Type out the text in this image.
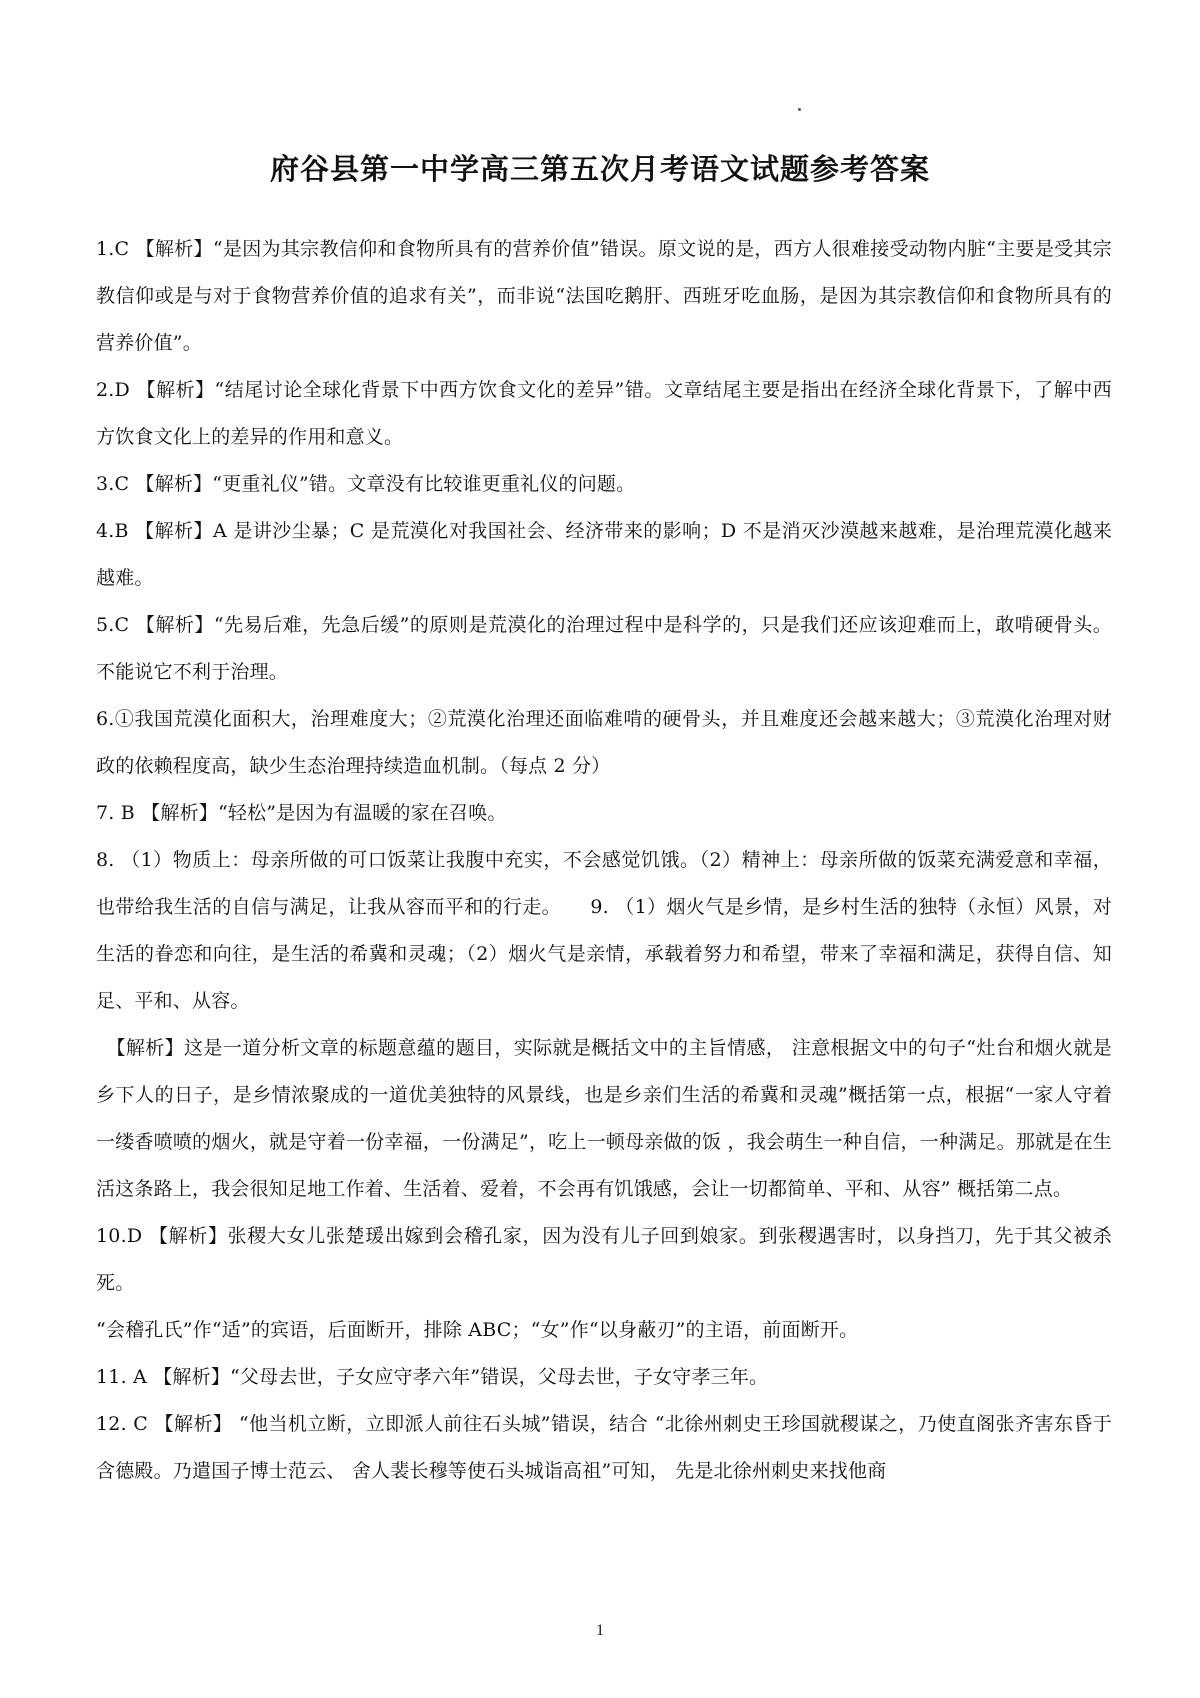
府谷县第一中学高三第五次月考语文试题参考答案

1.C 【解析】“是因为其宗教信仰和食物所具有的营养价值”错误。原文说的是，西方人很难接受动物内脏“主要是受其宗教信仰或是与对于食物营养价值的追求有关”，而非说“法国吃鹅肝、西班牙吃血肠，是因为其宗教信仰和食物所具有的营养价值”。

2.D 【解析】“结尾讨论全球化背景下中西方饮食文化的差异”错。文章结尾主要是指出在经济全球化背景下，了解中西方饮食文化上的差异的作用和意义。

3.C 【解析】“更重礼仪”错。文章没有比较谁更重礼仪的问题。

4.B 【解析】A 是讲沙尘暴；C 是荒漠化对我国社会、经济带来的影响；D 不是消灭沙漠越来越难，是治理荒漠化越来越难。

5.C 【解析】“先易后难，先急后缓”的原则是荒漠化的治理过程中是科学的，只是我们还应该迎难而上，敢啃硬骨头。不能说它不利于治理。

6.①我国荒漠化面积大，治理难度大；②荒漠化治理还面临难啃的硬骨头，并且难度还会越来越大；③荒漠化治理对财政的依赖程度高，缺少生态治理持续造血机制。（每点 2 分）

7. B 【解析】“轻松”是因为有温暖的家在召唤。

8. （1）物质上：母亲所做的可口饭菜让我腹中充实，不会感觉饥饿。（2）精神上：母亲所做的饭菜充满爱意和幸福，也带给我生活的自信与满足，让我从容而平和的行走。　　9. （1）烟火气是乡情，是乡村生活的独特（永恒）风景，对生活的眷恋和向往，是生活的希冀和灵魂；（2）烟火气是亲情，承载着努力和希望，带来了幸福和满足，获得自信、知足、平和、从容。

【解析】这是一道分析文章的标题意蕴的题目，实际就是概括文中的主旨情感， 注意根据文中的句子“灶台和烟火就是乡下人的日子，是乡情浓聚成的一道优美独特的风景线，也是乡亲们生活的希冀和灵魂”概括第一点，根据“一家人守着一缕香喷喷的烟火，就是守着一份幸福，一份满足”，吃上一顿母亲做的饭 ，我会萌生一种自信，一种满足。那就是在生活这条路上，我会很知足地工作着、生活着、爱着，不会再有饥饿感，会让一切都简单、平和、从容” 概括第二点。

10.D 【解析】张稷大女儿张楚瑗出嫁到会稽孔家，因为没有儿子回到娘家。到张稷遇害时，以身挡刀，先于其父被杀死。

“会稽孔氏”作“适”的宾语，后面断开，排除 ABC；“女”作“以身蔽刃”的主语，前面断开。

11. A 【解析】“父母去世，子女应守孝六年”错误，父母去世，子女守孝三年。

12. C 【解析】 “他当机立断，立即派人前往石头城”错误，结合 “北徐州刺史王珍国就稷谋之，乃使直阁张齐害东昏于含德殿。乃遣国子博士范云、 舍人裴长穆等使石头城诣高祖”可知， 先是北徐州刺史来找他商

1
